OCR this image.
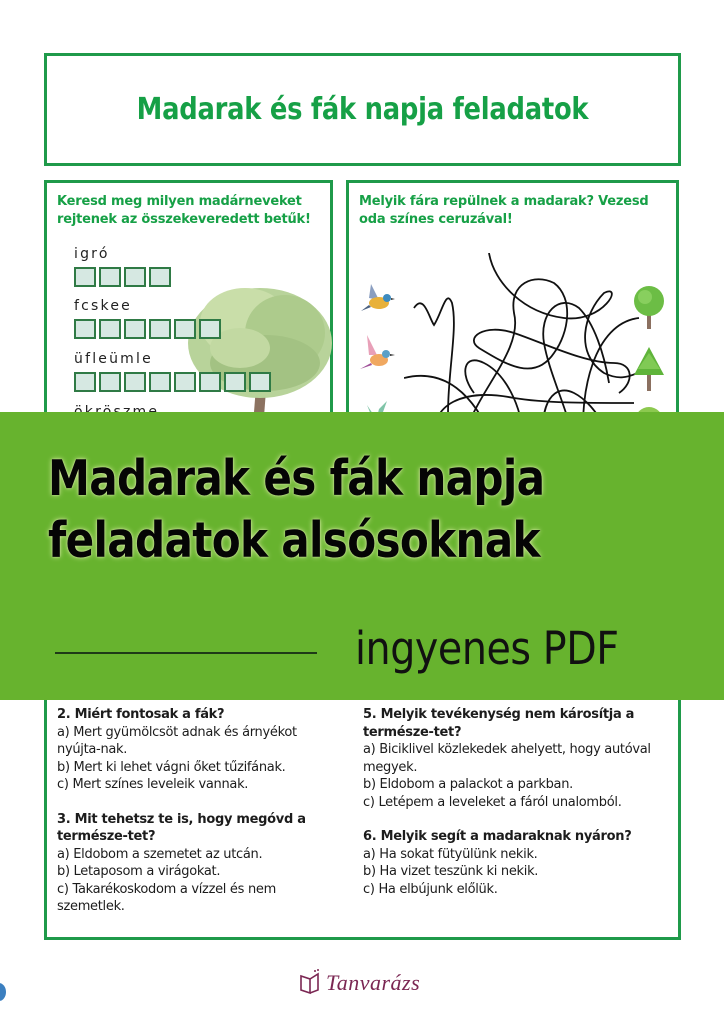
Madarak és fák napja feladatok
Keresd meg milyen madárneveket rejtenek az összekeveredett betűk!
igró
fcskee
üfleümle
Melyik fára repülnek a madarak? Vezesd oda színes ceruzával!
2. Miért fontosak a fák?
a) Mert gyümölcsöt adnak és árnyékot nyújta-nak.
b) Mert ki lehet vágni őket tűzifának.
c) Mert színes leveleik vannak.
3. Mit tehetsz te is, hogy megóvd a természe-tet?
a) Eldobom a szemetet az utcán.
b) Letaposom a virágokat.
c) Takarékoskodom a vízzel és nem szemetlek.
5. Melyik tevékenység nem károsítja a természe-tet?
a) Biciklivel közlekedek ahelyett, hogy autóval megyek.
b) Eldobom a palackot a parkban.
c) Letépem a leveleket a fáról unalomból.
6. Melyik segít a madaraknak nyáron?
a) Ha sokat fütyülünk nekik.
b) Ha vizet teszünk ki nekik.
c) Ha elbújunk előlük.
Madarak és fák napja
feladatok alsósoknak
ingyenes PDF
Tanvarázs
